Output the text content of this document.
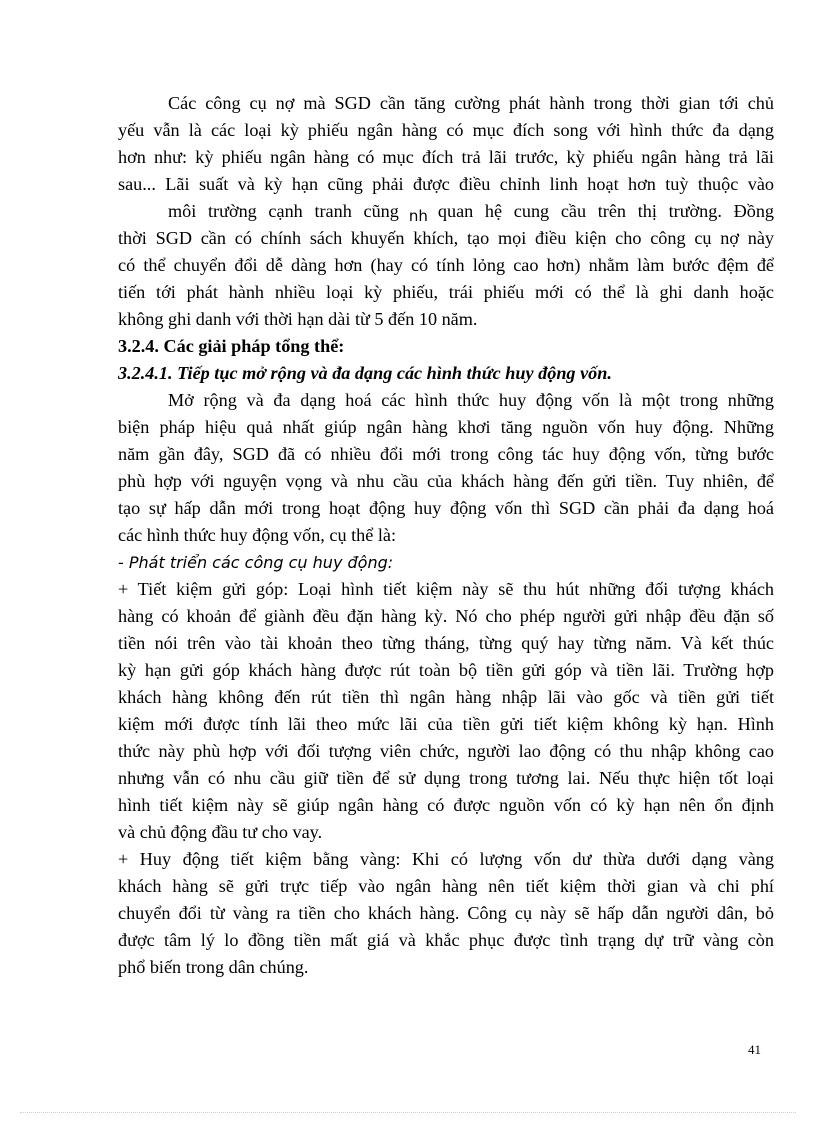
Các công cụ nợ mà SGD cần tăng cường phát hành trong thời gian tới chủ
yếu vẫn là các loại kỳ phiếu ngân hàng có mục đích song với hình thức đa dạng
hơn như: kỳ phiếu ngân hàng có mục đích trả lãi trước, kỳ phiếu ngân hàng trả lãi
sau... Lãi suất và kỳ hạn cũng phải được điều chỉnh linh hoạt hơn tuỳ thuộc vào
môi trường cạnh tranh cũng $_{nh}$ quan hệ cung cầu trên thị trường. Đồng
thời SGD cần có chính sách khuyến khích, tạo mọi điều kiện cho công cụ nợ này
có thể chuyển đổi dễ dàng hơn (hay có tính lỏng cao hơn) nhằm làm bước đệm để
tiến tới phát hành nhiều loại kỳ phiếu, trái phiếu mới có thể là ghi danh hoặc
không ghi danh với thời hạn dài từ 5 đến 10 năm.
3.2.4. Các giải pháp tổng thể:
3.2.4.1. Tiếp tục mở rộng và đa dạng các hình thức huy động vốn.
Mở rộng và đa dạng hoá các hình thức huy động vốn là một trong những
biện pháp hiệu quả nhất giúp ngân hàng khơi tăng nguồn vốn huy động. Những
năm gần đây, SGD đã có nhiều đổi mới trong công tác huy động vốn, từng bước
phù hợp với nguyện vọng và nhu cầu của khách hàng đến gửi tiền. Tuy nhiên, để
tạo sự hấp dẫn mới trong hoạt động huy động vốn thì SGD cần phải đa dạng hoá
các hình thức huy động vốn, cụ thể là:
- Phát triển các công cụ huy động:
+ Tiết kiệm gửi góp: Loại hình tiết kiệm này sẽ thu hút những đối tượng khách
hàng có khoản để giành đều đặn hàng kỳ. Nó cho phép người gửi nhập đều đặn số
tiền nói trên vào tài khoản theo từng tháng, từng quý hay từng năm. Và kết thúc
kỳ hạn gửi góp khách hàng được rút toàn bộ tiền gửi góp và tiền lãi. Trường hợp
khách hàng không đến rút tiền thì ngân hàng nhập lãi vào gốc và tiền gửi tiết
kiệm mới được tính lãi theo mức lãi của tiền gửi tiết kiệm không kỳ hạn. Hình
thức này phù hợp với đối tượng viên chức, người lao động có thu nhập không cao
nhưng vẫn có nhu cầu giữ tiền để sử dụng trong tương lai. Nếu thực hiện tốt loại
hình tiết kiệm này sẽ giúp ngân hàng có được nguồn vốn có kỳ hạn nên ổn định
và chủ động đầu tư cho vay.
+ Huy động tiết kiệm bằng vàng: Khi có lượng vốn dư thừa dưới dạng vàng
khách hàng sẽ gửi trực tiếp vào ngân hàng nên tiết kiệm thời gian và chi phí
chuyển đổi từ vàng ra tiền cho khách hàng. Công cụ này sẽ hấp dẫn người dân, bỏ
được tâm lý lo đồng tiền mất giá và khắc phục được tình trạng dự trữ vàng còn
phổ biến trong dân chúng.
41
